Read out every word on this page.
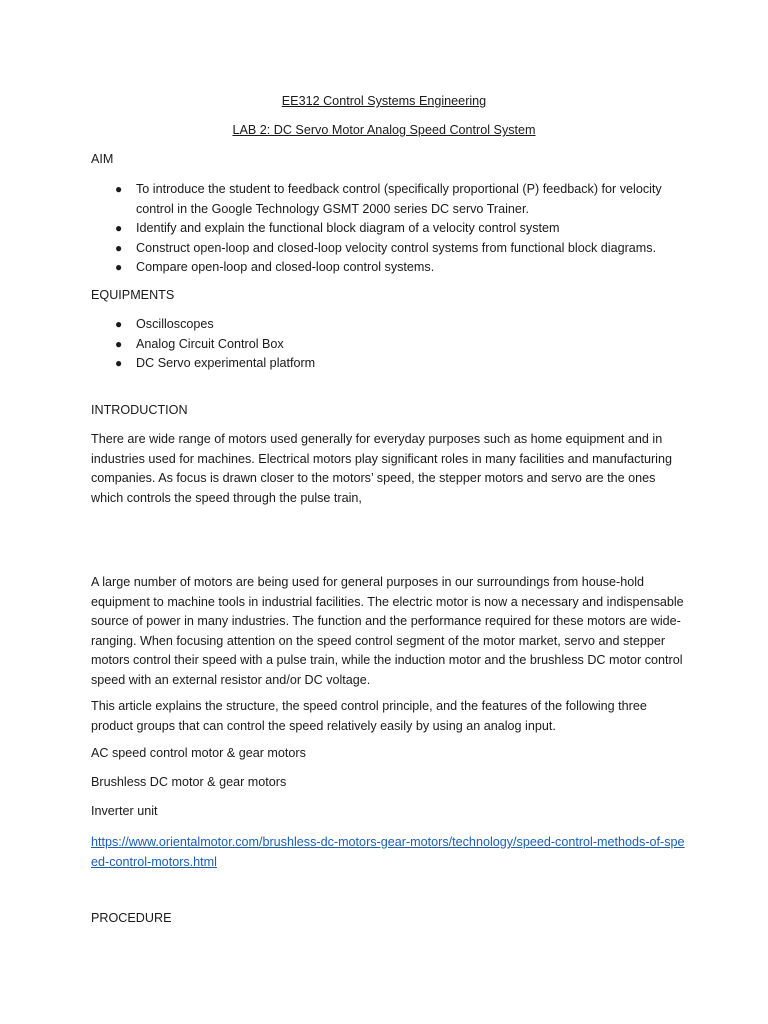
EE312 Control Systems Engineering
LAB 2: DC Servo Motor Analog Speed Control System
AIM
● To introduce the student to feedback control (specifically proportional (P) feedback) for velocity control in the Google Technology GSMT 2000 series DC servo Trainer.
● Identify and explain the functional block diagram of a velocity control system
● Construct open-loop and closed-loop velocity control systems from functional block diagrams.
● Compare open-loop and closed-loop control systems.
EQUIPMENTS
● Oscilloscopes
● Analog Circuit Control Box
● DC Servo experimental platform
INTRODUCTION
There are wide range of motors used generally for everyday purposes such as home equipment and in industries used for machines. Electrical motors play significant roles in many facilities and manufacturing companies. As focus is drawn closer to the motors’ speed, the stepper motors and servo are the ones which controls the speed through the pulse train,
A large number of motors are being used for general purposes in our surroundings from house-hold equipment to machine tools in industrial facilities. The electric motor is now a necessary and indispensable source of power in many industries. The function and the performance required for these motors are wide-ranging. When focusing attention on the speed control segment of the motor market, servo and stepper motors control their speed with a pulse train, while the induction motor and the brushless DC motor control speed with an external resistor and/or DC voltage.
This article explains the structure, the speed control principle, and the features of the following three product groups that can control the speed relatively easily by using an analog input.
AC speed control motor & gear motors
Brushless DC motor & gear motors
Inverter unit
https://www.orientalmotor.com/brushless-dc-motors-gear-motors/technology/speed-control-methods-of-speed-control-motors.html
PROCEDURE
